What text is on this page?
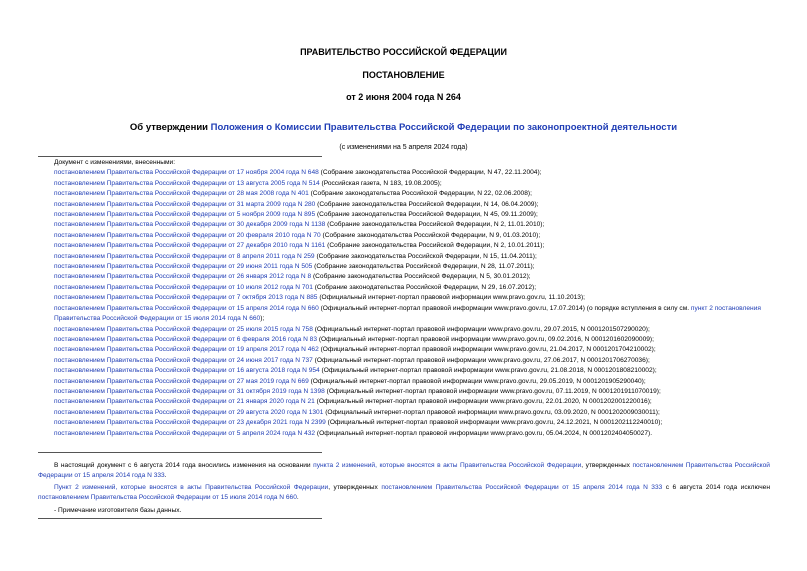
ПРАВИТЕЛЬСТВО РОССИЙСКОЙ ФЕДЕРАЦИИ
ПОСТАНОВЛЕНИЕ
от 2 июня 2004 года N 264
Об утверждении Положения о Комиссии Правительства Российской Федерации по законопроектной деятельности
(с изменениями на 5 апреля 2024 года)
Документ с изменениями, внесенными:
постановлением Правительства Российской Федерации от 17 ноября 2004 года N 648 (Собрание законодательства Российской Федерации, N 47, 22.11.2004);
постановлением Правительства Российской Федерации от 13 августа 2005 года N 514 (Российская газета, N 183, 19.08.2005);
постановлением Правительства Российской Федерации от 28 мая 2008 года N 401 (Собрание законодательства Российской Федерации, N 22, 02.06.2008);
постановлением Правительства Российской Федерации от 31 марта 2009 года N 280 (Собрание законодательства Российской Федерации, N 14, 06.04.2009);
постановлением Правительства Российской Федерации от 5 ноября 2009 года N 895 (Собрание законодательства Российской Федерации, N 45, 09.11.2009);
постановлением Правительства Российской Федерации от 30 декабря 2009 года N 1138 (Собрание законодательства Российской Федерации, N 2, 11.01.2010);
постановлением Правительства Российской Федерации от 20 февраля 2010 года N 70 (Собрание законодательства Российской Федерации, N 9, 01.03.2010);
постановлением Правительства Российской Федерации от 27 декабря 2010 года N 1161 (Собрание законодательства Российской Федерации, N 2, 10.01.2011);
постановлением Правительства Российской Федерации от 8 апреля 2011 года N 259 (Собрание законодательства Российской Федерации, N 15, 11.04.2011);
постановлением Правительства Российской Федерации от 29 июня 2011 года N 505 (Собрание законодательства Российской Федерации, N 28, 11.07.2011);
постановлением Правительства Российской Федерации от 26 января 2012 года N 8 (Собрание законодательства Российской Федерации, N 5, 30.01.2012);
постановлением Правительства Российской Федерации от 10 июля 2012 года N 701 (Собрание законодательства Российской Федерации, N 29, 16.07.2012);
постановлением Правительства Российской Федерации от 7 октября 2013 года N 885 (Официальный интернет-портал правовой информации www.pravo.gov.ru, 11.10.2013);
постановлением Правительства Российской Федерации от 15 апреля 2014 года N 660 (Официальный интернет-портал правовой информации www.pravo.gov.ru, 17.07.2014) (о порядке вступления в силу см. пункт 2 постановления Правительства Российской Федерации от 15 июля 2014 года N 660);
постановлением Правительства Российской Федерации от 25 июля 2015 года N 758 (Официальный интернет-портал правовой информации www.pravo.gov.ru, 29.07.2015, N 0001201507290020);
постановлением Правительства Российской Федерации от 6 февраля 2016 года N 83 (Официальный интернет-портал правовой информации www.pravo.gov.ru, 09.02.2016, N 0001201602090009);
постановлением Правительства Российской Федерации от 19 апреля 2017 года N 462 (Официальный интернет-портал правовой информации www.pravo.gov.ru, 21.04.2017, N 0001201704210002);
постановлением Правительства Российской Федерации от 24 июня 2017 года N 737 (Официальный интернет-портал правовой информации www.pravo.gov.ru, 27.06.2017, N 0001201706270036);
постановлением Правительства Российской Федерации от 16 августа 2018 года N 954 (Официальный интернет-портал правовой информации www.pravo.gov.ru, 21.08.2018, N 0001201808210002);
постановлением Правительства Российской Федерации от 27 мая 2019 года N 669 (Официальный интернет-портал правовой информации www.pravo.gov.ru, 29.05.2019, N 0001201905290040);
постановлением Правительства Российской Федерации от 31 октября 2019 года N 1398 (Официальный интернет-портал правовой информации www.pravo.gov.ru, 07.11.2019, N 0001201911070019);
постановлением Правительства Российской Федерации от 21 января 2020 года N 21 (Официальный интернет-портал правовой информации www.pravo.gov.ru, 22.01.2020, N 0001202001220016);
постановлением Правительства Российской Федерации от 29 августа 2020 года N 1301 (Официальный интернет-портал правовой информации www.pravo.gov.ru, 03.09.2020, N 0001202009030011);
постановлением Правительства Российской Федерации от 23 декабря 2021 года N 2399 (Официальный интернет-портал правовой информации www.pravo.gov.ru, 24.12.2021, N 0001202112240010);
постановлением Правительства Российской Федерации от 5 апреля 2024 года N 432 (Официальный интернет-портал правовой информации www.pravo.gov.ru, 05.04.2024, N 0001202404050027).

В настоящий документ с 6 августа 2014 года вносились изменения на основании пункта 2 изменений, которые вносятся в акты Правительства Российской Федерации, утвержденных постановлением Правительства Российской Федерации от 15 апреля 2014 года N 333.

Пункт 2 изменений, которые вносятся в акты Правительства Российской Федерации, утвержденных постановлением Правительства Российской Федерации от 15 апреля 2014 года N 333 с 6 августа 2014 года исключен постановлением Правительства Российской Федерации от 15 июля 2014 года N 660.

- Примечание изготовителя базы данных.
